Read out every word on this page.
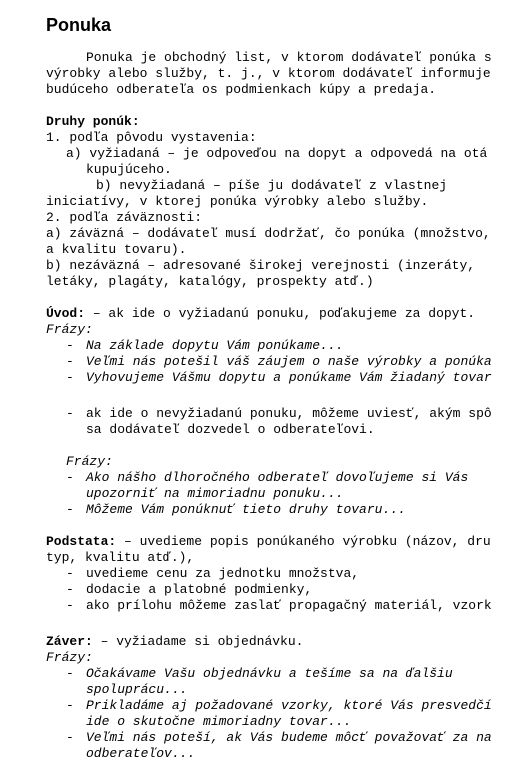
Ponuka
Ponuka je obchodný list, v ktorom dodávateľ ponúka s
výrobky alebo služby, t. j., v ktorom dodávateľ informuje
budúceho odberateľa os podmienkach kúpy a predaja.
Druhy ponúk:
1. podľa pôvodu vystavenia:
a) vyžiadaná – je odpoveďou na dopyt a odpovedá na otá
kupujúceho.
b) nevyžiadaná – píše ju dodávateľ z vlastnej
iniciatívy, v ktorej ponúka výrobky alebo služby.
2. podľa záväznosti:
a) záväzná – dodávateľ musí dodržať, čo ponúka (množstvo,
a kvalitu tovaru).
b) nezáväzná – adresované širokej verejnosti (inzeráty,
letáky, plagáty, katalógy, prospekty atď.)
Úvod: – ak ide o vyžiadanú ponuku, poďakujeme za dopyt.
Frázy:
- Na základe dopytu Vám ponúkame...
- Veľmi nás potešil váš záujem o naše výrobky a ponúka
- Vyhovujeme Vášmu dopytu a ponúkame Vám žiadaný tovar
- ak ide o nevyžiadanú ponuku, môžeme uviesť, akým spô
sa dodávateľ dozvedel o odberateľovi.
Frázy:
- Ako nášho dlhoročného odberateľ dovoľujeme si Vás
upozorniť na mimoriadnu ponuku...
- Môžeme Vám ponúknuť tieto druhy tovaru...
Podstata: – uvedieme popis ponúkaného výrobku (názov, dru
typ, kvalitu atď.),
- uvedieme cenu za jednotku množstva,
- dodacie a platobné podmienky,
- ako prílohu môžeme zaslať propagačný materiál, vzork
Záver: – vyžiadame si objednávku.
Frázy:
- Očakávame Vašu objednávku a tešíme sa na ďalšiu
spoluprácu...
- Prikladáme aj požadované vzorky, ktoré Vás presvedčí
ide o skutočne mimoriadny tovar...
- Veľmi nás poteší, ak Vás budeme môcť považovať za na
odberateľov...
